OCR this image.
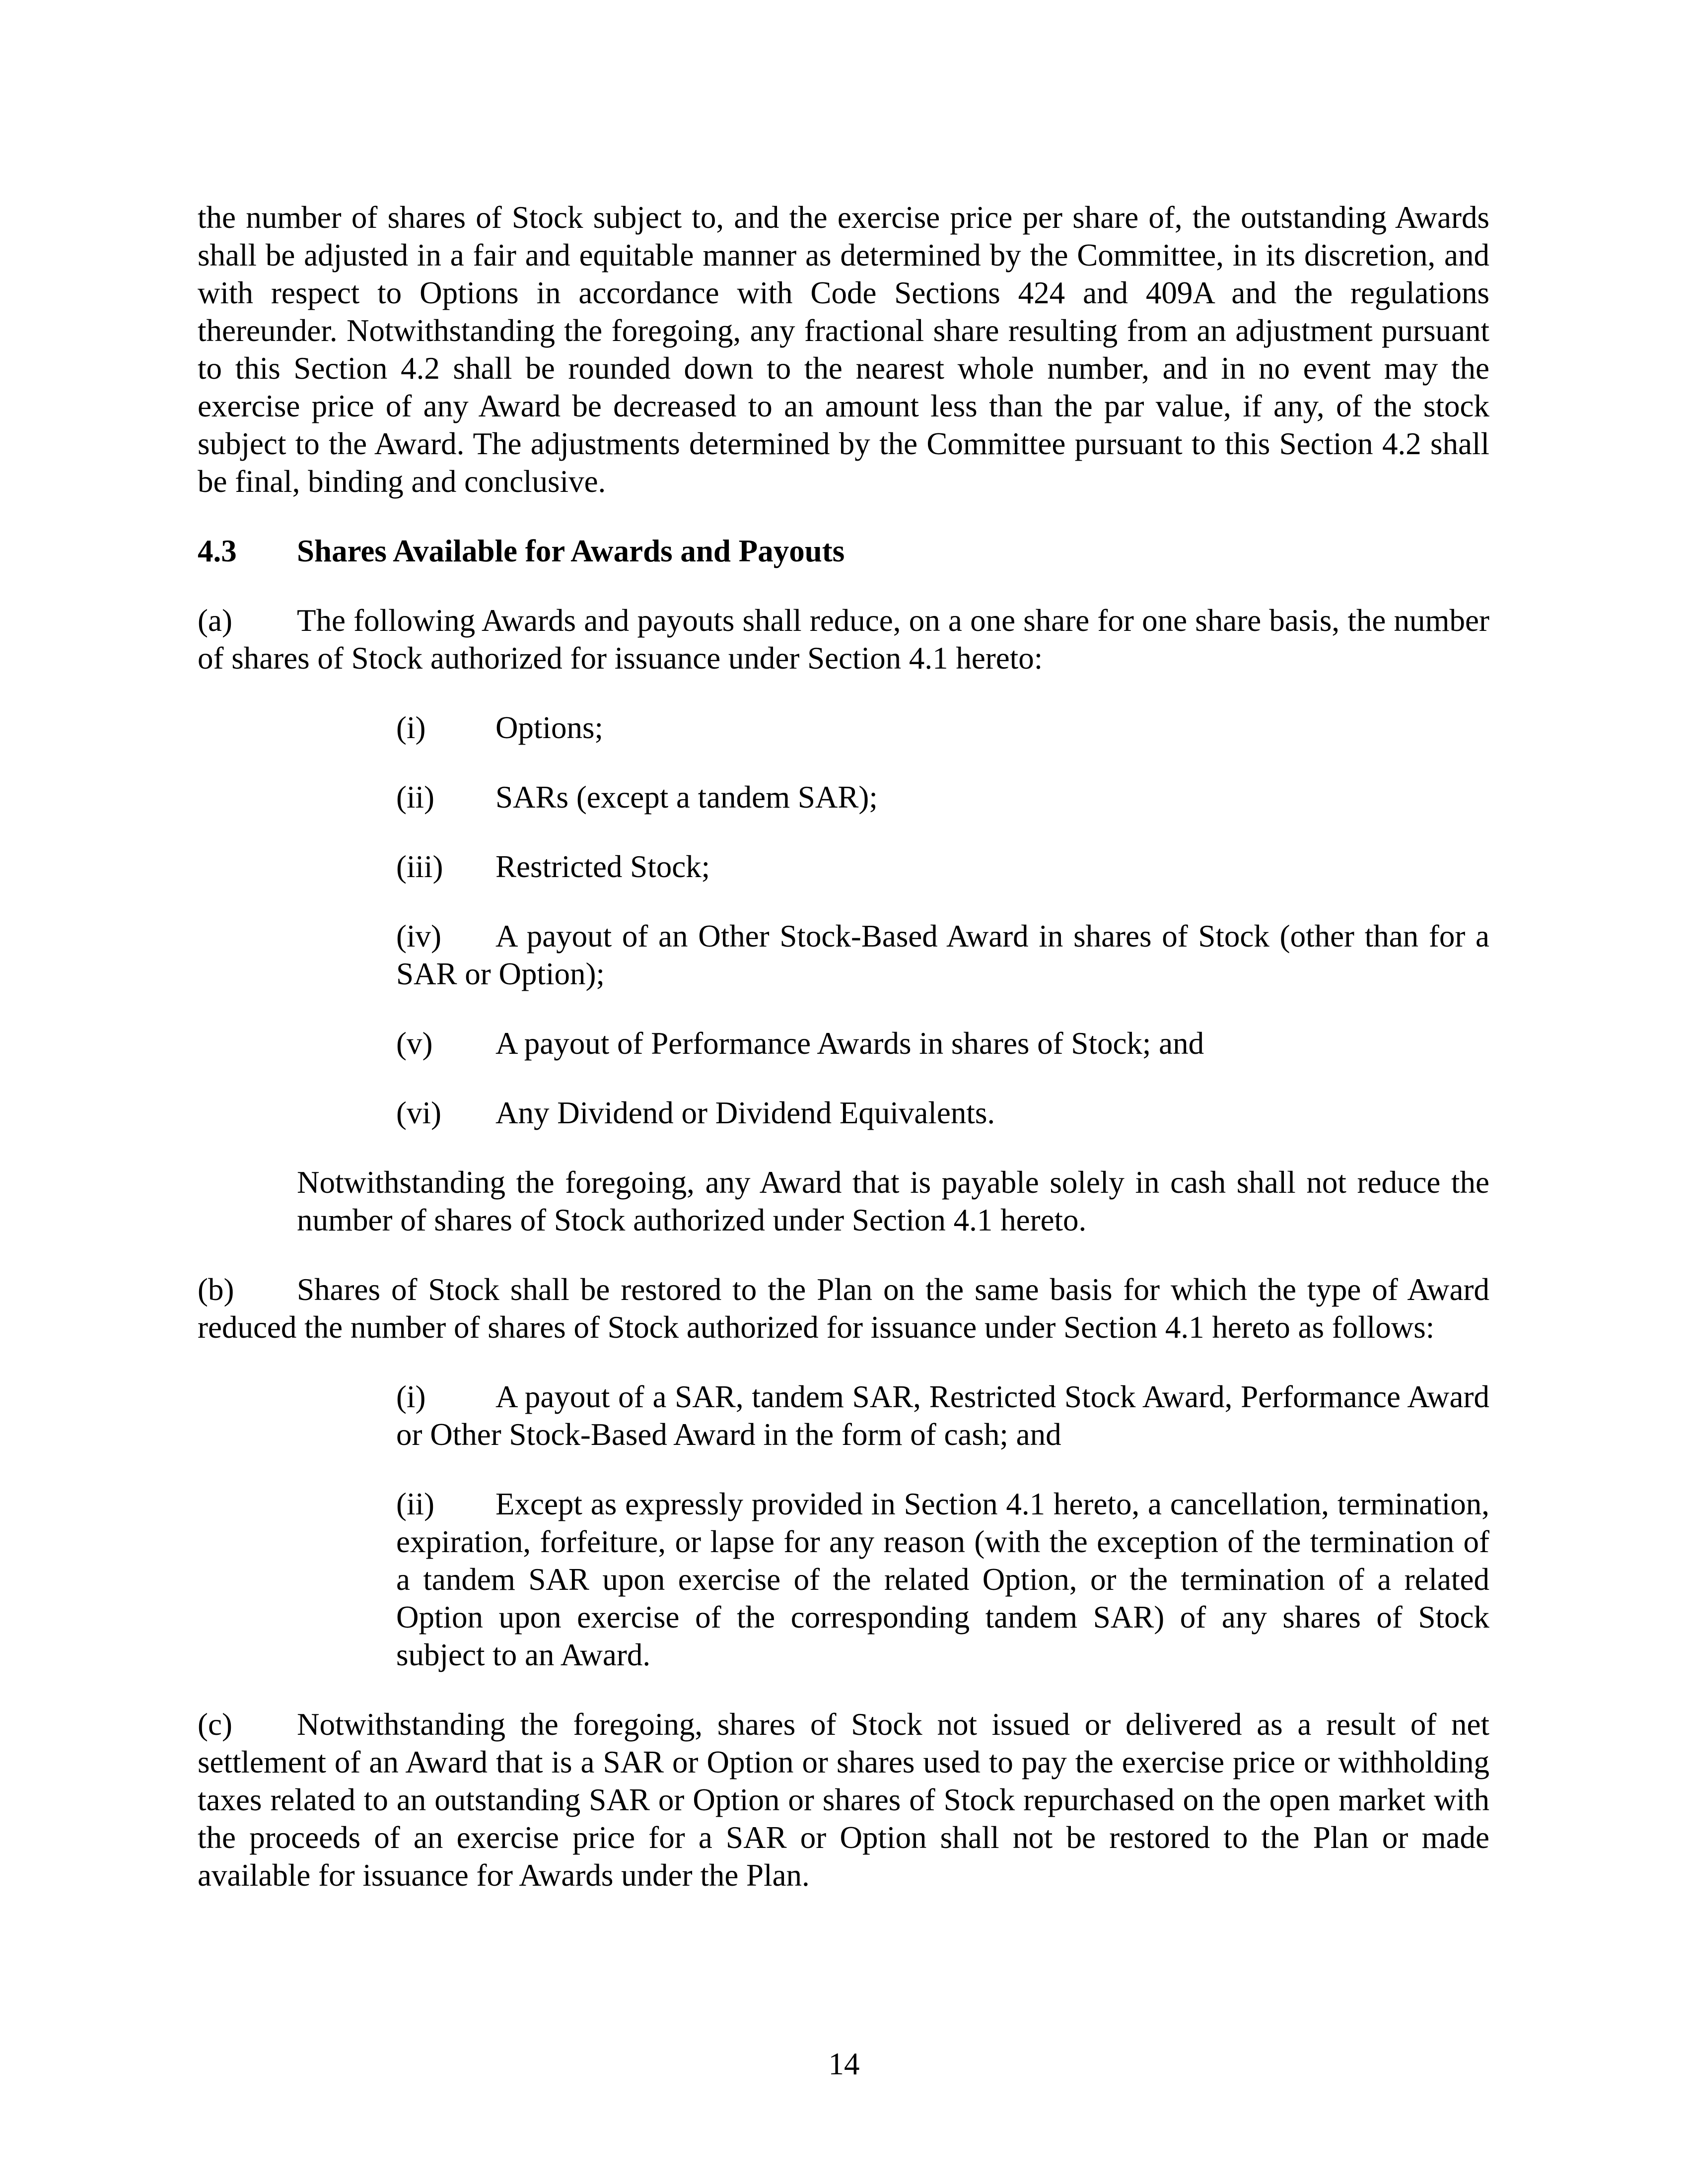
the number of shares of Stock subject to, and the exercise price per share of, the outstanding Awards shall be adjusted in a fair and equitable manner as determined by the Committee, in its discretion, and with respect to Options in accordance with Code Sections 424 and 409A and the regulations thereunder. Notwithstanding the foregoing, any fractional share resulting from an adjustment pursuant to this Section 4.2 shall be rounded down to the nearest whole number, and in no event may the exercise price of any Award be decreased to an amount less than the par value, if any, of the stock subject to the Award. The adjustments determined by the Committee pursuant to this Section 4.2 shall be final, binding and conclusive.

4.3	Shares Available for Awards and Payouts

(a) The following Awards and payouts shall reduce, on a one share for one share basis, the number of shares of Stock authorized for issuance under Section 4.1 hereto:

(i) Options;

(ii) SARs (except a tandem SAR);

(iii) Restricted Stock;

(iv) A payout of an Other Stock-Based Award in shares of Stock (other than for a SAR or Option);

(v) A payout of Performance Awards in shares of Stock; and

(vi) Any Dividend or Dividend Equivalents.

Notwithstanding the foregoing, any Award that is payable solely in cash shall not reduce the number of shares of Stock authorized under Section 4.1 hereto.

(b) Shares of Stock shall be restored to the Plan on the same basis for which the type of Award reduced the number of shares of Stock authorized for issuance under Section 4.1 hereto as follows:

(i) A payout of a SAR, tandem SAR, Restricted Stock Award, Performance Award or Other Stock-Based Award in the form of cash; and

(ii) Except as expressly provided in Section 4.1 hereto, a cancellation, termination, expiration, forfeiture, or lapse for any reason (with the exception of the termination of a tandem SAR upon exercise of the related Option, or the termination of a related Option upon exercise of the corresponding tandem SAR) of any shares of Stock subject to an Award.

(c) Notwithstanding the foregoing, shares of Stock not issued or delivered as a result of net settlement of an Award that is a SAR or Option or shares used to pay the exercise price or withholding taxes related to an outstanding SAR or Option or shares of Stock repurchased on the open market with the proceeds of an exercise price for a SAR or Option shall not be restored to the Plan or made available for issuance for Awards under the Plan.

14
